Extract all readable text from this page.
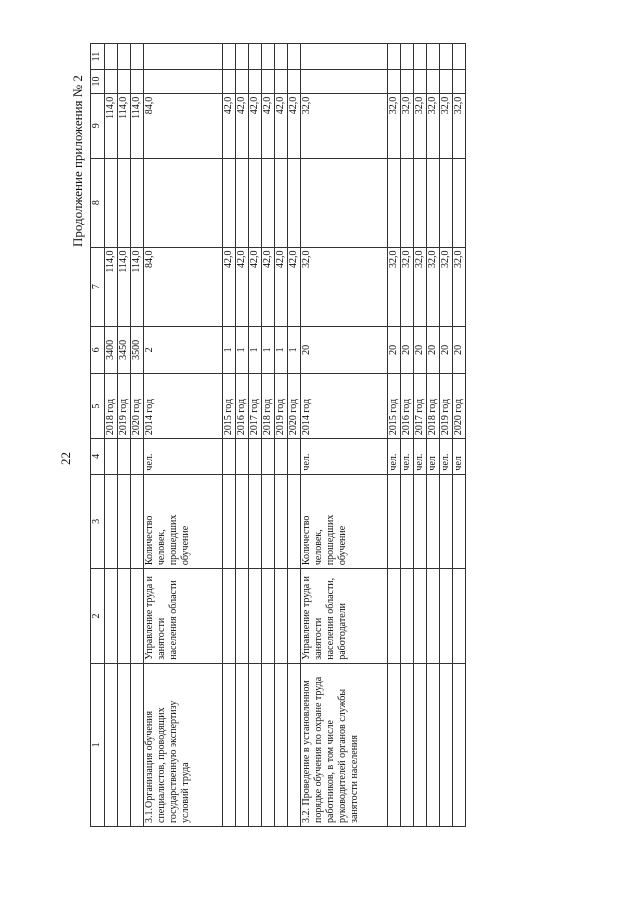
22
Продолжение приложения № 2
1	2	3	4	5	6	7	8	9	10	11
				2018 год	3400	114,0		114,0		
				2019 год	3450	114,0		114,0		
				2020 год	3500	114,0		114,0		
3.1.Организация обучения специалистов, проводящих государственную экспертизу условий труда	Управление труда и занятости населения области	Количество человек, прошедших обучение	чел.	2014 год	2	84,0		84,0		
				2015 год	1	42,0		42,0		
				2016 год	1	42,0		42,0		
				2017 год	1	42,0		42,0		
				2018 год	1	42,0		42,0		
				2019 год	1	42,0		42,0		
				2020 год	1	42,0		42,0		
3.2. Проведение в установленном порядке обучения по охране труда работников, в том числе руководителей органов службы занятости населения	Управление труда и занятости населения области, работодатели	Количество человек, прошедших обучение	чел.	2014 год	20	32,0		32,0		
			чел.	2015 год	20	32,0		32,0		
			чел.	2016 год	20	32,0		32,0		
			чел.	2017 год	20	32,0		32,0		
			чел	2018 год	20	32,0		32,0		
			чел.	2019 год	20	32,0		32,0		
			чел	2020 год	20	32,0		32,0		
